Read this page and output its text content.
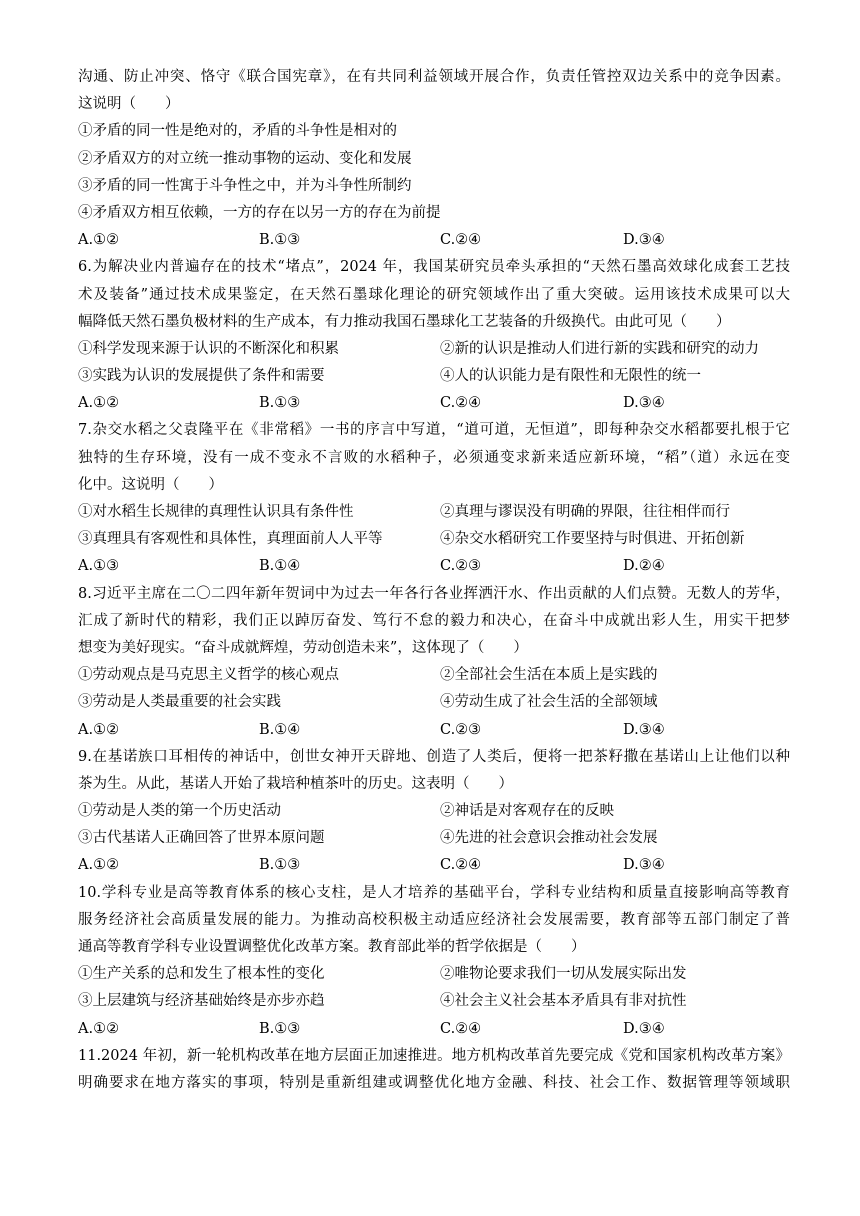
沟通、防止冲突、恪守《联合国宪章》，在有共同利益领域开展合作，负责任管控双边关系中的竞争因素。
这说明（　　）
①矛盾的同一性是绝对的，矛盾的斗争性是相对的
②矛盾双方的对立统一推动事物的运动、变化和发展
③矛盾的同一性寓于斗争性之中，并为斗争性所制约
④矛盾双方相互依赖，一方的存在以另一方的存在为前提
A.①②	B.①③	C.②④	D.③④
6.为解决业内普遍存在的技术“堵点”，2024 年，我国某研究员牵头承担的“天然石墨高效球化成套工艺技
术及装备”通过技术成果鉴定，在天然石墨球化理论的研究领域作出了重大突破。运用该技术成果可以大
幅降低天然石墨负极材料的生产成本，有力推动我国石墨球化工艺装备的升级换代。由此可见（　　）
①科学发现来源于认识的不断深化和积累	②新的认识是推动人们进行新的实践和研究的动力
③实践为认识的发展提供了条件和需要	④人的认识能力是有限性和无限性的统一
A.①②	B.①③	C.②④	D.③④
7.杂交水稻之父袁隆平在《非常稻》一书的序言中写道，“道可道，无恒道”，即每种杂交水稻都要扎根于它
独特的生存环境，没有一成不变永不言败的水稻种子，必须通变求新来适应新环境，“稻”（道）永远在变
化中。这说明（　　）
①对水稻生长规律的真理性认识具有条件性	②真理与谬误没有明确的界限，往往相伴而行
③真理具有客观性和具体性，真理面前人人平等	④杂交水稻研究工作要坚持与时俱进、开拓创新
A.①③	B.①④	C.②③	D.②④
8.习近平主席在二〇二四年新年贺词中为过去一年各行各业挥洒汗水、作出贡献的人们点赞。无数人的芳华，
汇成了新时代的精彩，我们正以踔厉奋发、笃行不怠的毅力和决心，在奋斗中成就出彩人生，用实干把梦
想变为美好现实。“奋斗成就辉煌，劳动创造未来”，这体现了（　　）
①劳动观点是马克思主义哲学的核心观点	②全部社会生活在本质上是实践的
③劳动是人类最重要的社会实践	④劳动生成了社会生活的全部领域
A.①②	B.①④	C.②③	D.③④
9.在基诺族口耳相传的神话中，创世女神开天辟地、创造了人类后，便将一把茶籽撒在基诺山上让他们以种
茶为生。从此，基诺人开始了栽培种植茶叶的历史。这表明（　　）
①劳动是人类的第一个历史活动	②神话是对客观存在的反映
③古代基诺人正确回答了世界本原问题	④先进的社会意识会推动社会发展
A.①②	B.①③	C.②④	D.③④
10.学科专业是高等教育体系的核心支柱，是人才培养的基础平台，学科专业结构和质量直接影响高等教育
服务经济社会高质量发展的能力。为推动高校积极主动适应经济社会发展需要，教育部等五部门制定了普
通高等教育学科专业设置调整优化改革方案。教育部此举的哲学依据是（　　）
①生产关系的总和发生了根本性的变化	②唯物论要求我们一切从发展实际出发
③上层建筑与经济基础始终是亦步亦趋	④社会主义社会基本矛盾具有非对抗性
A.①②	B.①③	C.②④	D.③④
11.2024 年初，新一轮机构改革在地方层面正加速推进。地方机构改革首先要完成《党和国家机构改革方案》
明确要求在地方落实的事项，特别是重新组建或调整优化地方金融、科技、社会工作、数据管理等领域职
